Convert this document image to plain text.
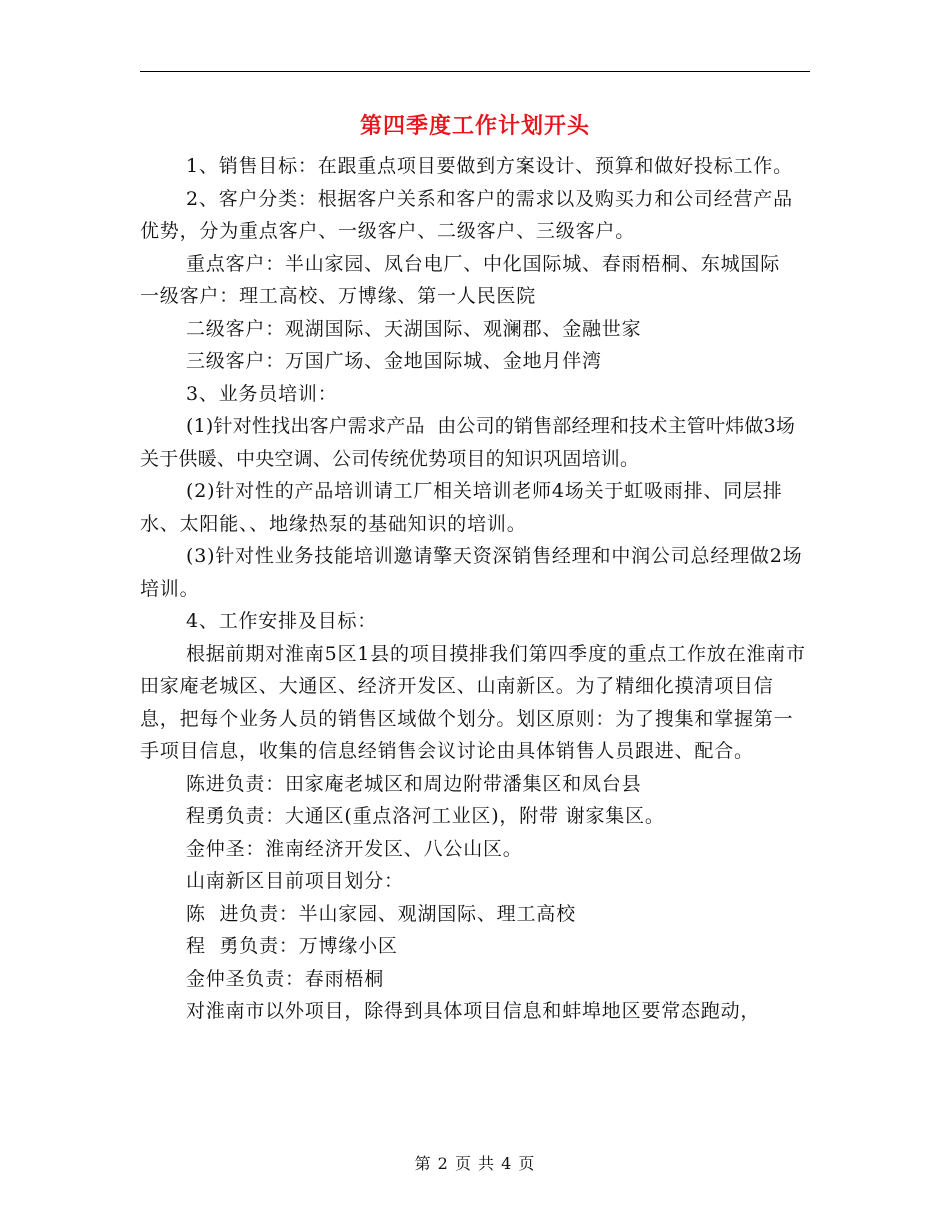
第四季度工作计划开头

1、销售目标：在跟重点项目要做到方案设计、预算和做好投标工作。

2、客户分类：根据客户关系和客户的需求以及购买力和公司经营产品优势，分为重点客户、一级客户、二级客户、三级客户。

重点客户：半山家园、凤台电厂、中化国际城、春雨梧桐、东城国际  一级客户：理工高校、万博缘、第一人民医院

二级客户：观湖国际、天湖国际、观澜郡、金融世家

三级客户：万国广场、金地国际城、金地月伴湾

3、业务员培训：

(1)针对性找出客户需求产品  由公司的销售部经理和技术主管叶炜做3场关于供暖、中央空调、公司传统优势项目的知识巩固培训。

(2)针对性的产品培训请工厂相关培训老师4场关于虹吸雨排、同层排水、太阳能、、地缘热泵的基础知识的培训。

(3)针对性业务技能培训邀请擎天资深销售经理和中润公司总经理做2场培训。

4、工作安排及目标：

根据前期对淮南5区1县的项目摸排我们第四季度的重点工作放在淮南市田家庵老城区、大通区、经济开发区、山南新区。为了精细化摸清项目信息，把每个业务人员的销售区域做个划分。划区原则：为了搜集和掌握第一手项目信息，收集的信息经销售会议讨论由具体销售人员跟进、配合。

陈进负责：田家庵老城区和周边附带潘集区和凤台县

程勇负责：大通区(重点洛河工业区)，附带 谢家集区。

金仲圣：淮南经济开发区、八公山区。

山南新区目前项目划分：

陈  进负责：半山家园、观湖国际、理工高校

程  勇负责：万博缘小区

金仲圣负责：春雨梧桐

对淮南市以外项目，除得到具体项目信息和蚌埠地区要常态跑动，

第 2 页 共 4 页
